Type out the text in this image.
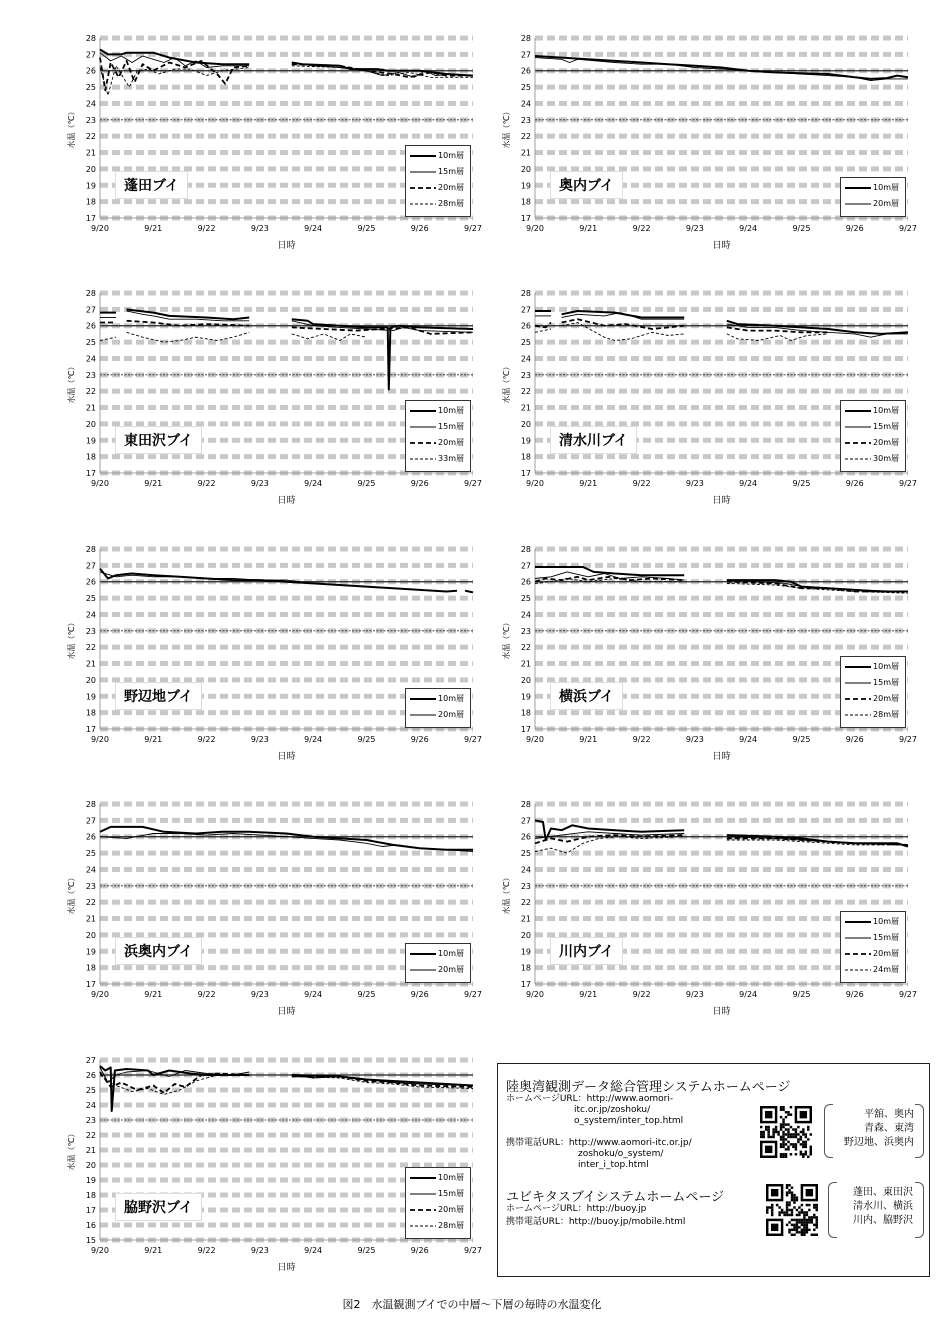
17
18
19
20
21
22
23
24
25
26
27
28
9/20	9/21	9/22	9/23	9/24	9/25	9/26	9/27
日時
水温（℃）
蓬田ブイ
10m層
15m層
20m層
28m層
17
18
19
20
21
22
23
24
25
26
27
28
9/20	9/21	9/22	9/23	9/24	9/25	9/26	9/27
日時
水温（℃）
奥内ブイ	10m層
20m層
17
18
19
20
21
22
23
24
25
26
27
28
9/20	9/21	9/22	9/23	9/24	9/25	9/26	9/27
日時
水温（℃）
東田沢ブイ
10m層
15m層
20m層
33m層
17
18
19
20
21
22
23
24
25
26
27
28
9/20	9/21	9/22	9/23	9/24	9/25	9/26	9/27
日時
水温（℃）
清水川ブイ
10m層
15m層
20m層
30m層
17
18
19
20
21
22
23
24
25
26
27
28
9/20	9/21	9/22	9/23	9/24	9/25	9/26	9/27
日時
水温（℃）
野辺地ブイ	10m層
20m層
17
18
19
20
21
22
23
24
25
26
27
28
9/20	9/21	9/22	9/23	9/24	9/25	9/26	9/27
日時
水温（℃）
横浜ブイ
10m層
15m層
20m層
28m層
17
18
19
20
21
22
23
24
25
26
27
28
9/20	9/21	9/22	9/23	9/24	9/25	9/26	9/27
日時
水温（℃）
浜奥内ブイ	10m層
20m層
17
18
19
20
21
22
23
24
25
26
27
28
9/20	9/21	9/22	9/23	9/24	9/25	9/26	9/27
日時
水温（℃）
川内ブイ
10m層
15m層
20m層
24m層
15
16
17
18
19
20
21
22
23
24
25
26
27
9/20	9/21	9/22	9/23	9/24	9/25	9/26	9/27
日時
水温（℃）
脇野沢ブイ
10m層
15m層
20m層
28m層
陸奥湾観測データ総合管理システムホームページ
ホームページURL：http://www.aomori-
itc.or.jp/zoshoku/
o_system/inter_top.html
携帯電話URL：http://www.aomori-itc.or.jp/
zoshoku/o_system/
inter_i_top.html
平舘、奥内
青森、東湾
野辺地、浜奥内
ユビキタスブイシステムホームページ
ホームページURL：http://buoy.jp
携帯電話URL：http://buoy.jp/mobile.html
蓬田、東田沢
清水川、横浜
川内、脇野沢
図2　水温観測ブイでの中層～下層の毎時の水温変化
